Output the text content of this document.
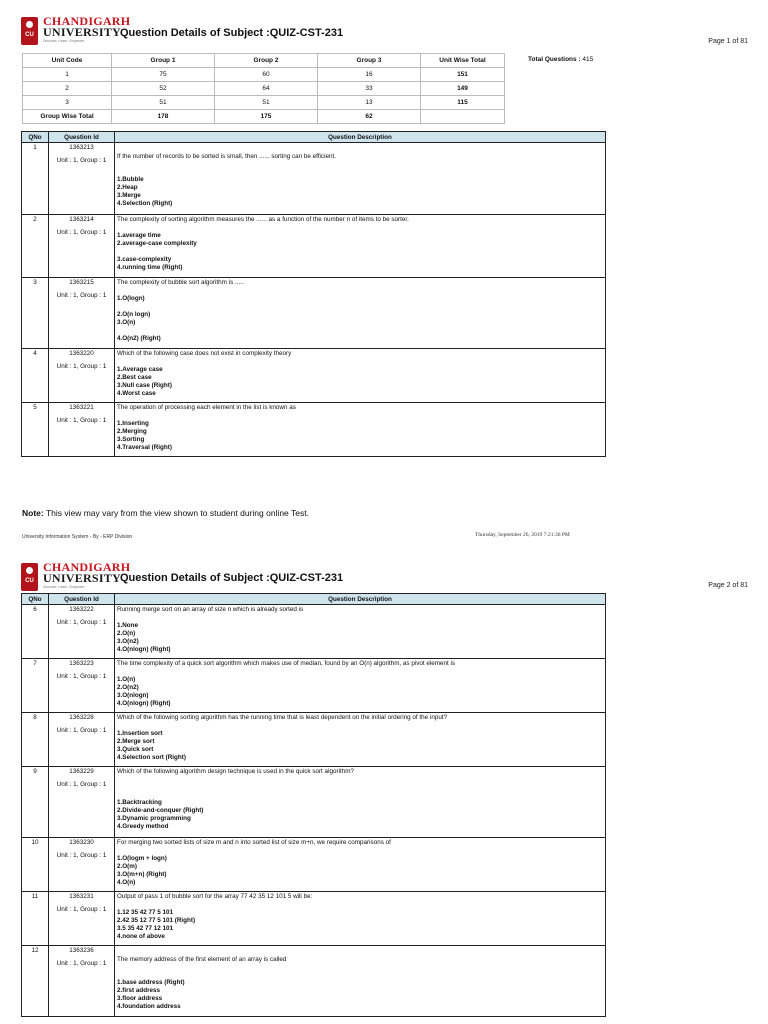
CU
CHANDIGARH
UNIVERSITY
Discover. Learn. Empower.
Question Details of Subject :QUIZ-CST-231
Page 1 of 81
Unit Code	Group 1	Group 2	Group 3	Unit Wise Total
1	75	60	16	151
2	52	64	33	149
3	51	51	13	115
Group Wise Total	178	175	62	
Total Questions : 415
QNo	Question Id	Question Description
1	1363213
Unit : 1, Group : 1	If the number of records to be sorted is small, then ...... sorting can be efficient.
1.Bubble
2.Heap
3.Merge
4.Selection (Right)

2	1363214
Unit : 1, Group : 1	The complexity of sorting algorithm measures the ...... as a function of the number n of items to be sorter.
1.average time
2.average-case complexity
3.case-complexity
4.running time (Right)

3	1363215
Unit : 1, Group : 1	The complexity of bubble sort algorithm is .....
1.O(logn)
2.O(n logn)
3.O(n)
4.O(n2) (Right)

4	1363220
Unit : 1, Group : 1	Which of the following case does not exist in complexity theory
1.Average case
2.Best case
3.Null case (Right)
4.Worst case

5	1363221
Unit : 1, Group : 1	The operation of processing each element in the list is known as
1.Inserting
2.Merging
3.Sorting
4.Traversal (Right)
Note: This view may vary from the view shown to student during online Test.
University Information System - By - ERP Division	Thursday, September 26, 2019 7:21:36 PM
CU
CHANDIGARH
UNIVERSITY
Discover. Learn. Empower.
Question Details of Subject :QUIZ-CST-231
Page 2 of 81
QNo	Question Id	Question Description
6	1363222
Unit : 1, Group : 1	Running merge sort on an array of size n which is already sorted is
1.None
2.O(n)
3.O(n2)
4.O(nlogn) (Right)

7	1363223
Unit : 1, Group : 1	The time complexity of a quick sort algorithm which makes use of median, found by an O(n) algorithm, as pivot element is
1.O(n)
2.O(n2)
3.O(nlogn)
4.O(nlogn) (Right)

8	1363228
Unit : 1, Group : 1	Which of the following sorting algorithm has the running time that is least dependent on the initial ordering of the input?
1.Insertion sort
2.Merge sort
3.Quick sort
4.Selection sort (Right)

9	1363229
Unit : 1, Group : 1	Which of the following algorithm design technique is used in the quick sort algorithm?
1.Backtracking
2.Divide-and-conquer (Right)
3.Dynamic programming
4.Greedy method

10	1363230
Unit : 1, Group : 1	For merging two sorted lists of size m and n into sorted list of size m+n, we require comparisons of
1.O(logm + logn)
2.O(m)
3.O(m+n) (Right)
4.O(n)

11	1363231
Unit : 1, Group : 1	Output of pass 1 of bubble sort for the array 77 42 35 12 101 5 will be:
1.12 35 42 77 5 101
2.42 35 12 77 5 101 (Right)
3.5 35 42 77 12 101
4.none of above

12	1363236
Unit : 1, Group : 1	The memory address of the first element of an array is called
1.base address (Right)
2.first address
3.floor address
4.foundation address
